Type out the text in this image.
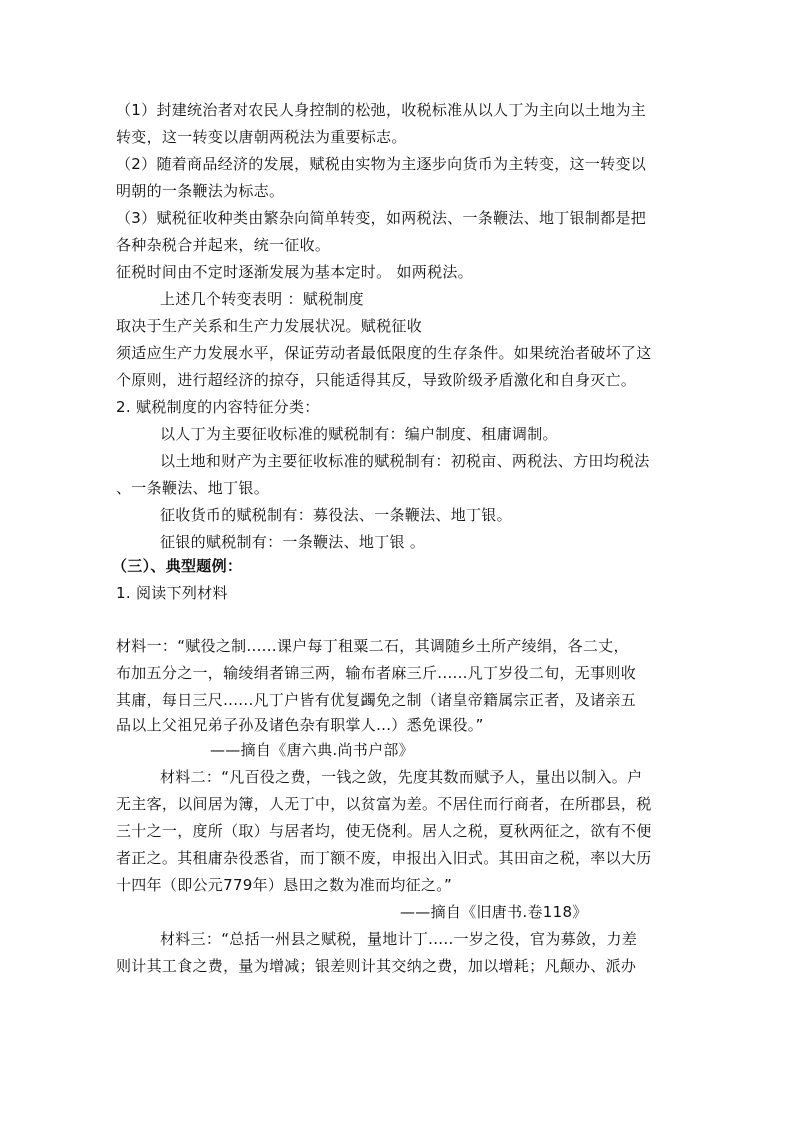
（1）封建统治者对农民人身控制的松弛，收税标准从以人丁为主向以土地为主
转变，这一转变以唐朝两税法为重要标志。
（2）随着商品经济的发展，赋税由实物为主逐步向货币为主转变，这一转变以
明朝的一条鞭法为标志。
（3）赋税征收种类由繁杂向简单转变，如两税法、一条鞭法、地丁银制都是把
各种杂税合并起来，统一征收。
征税时间由不定时逐渐发展为基本定时。 如两税法。
上述几个转变表明 ：赋税制度
取决于生产关系和生产力发展状况。赋税征收
须适应生产力发展水平，保证劳动者最低限度的生存条件。如果统治者破坏了这
个原则，进行超经济的掠夺，只能适得其反，导致阶级矛盾激化和自身灭亡。
2. 赋税制度的内容特征分类：
以人丁为主要征收标准的赋税制有：编户制度、租庸调制。
以土地和财产为主要征收标准的赋税制有：初税亩、两税法、方田均税法
、一条鞭法、地丁银。
征收货币的赋税制有：募役法、一条鞭法、地丁银。
征银的赋税制有：一条鞭法、地丁银 。
（三）、典型题例：
1. 阅读下列材料
材料一：“赋役之制......课户每丁租粟二石，其调随乡土所产绫绢，各二丈，
布加五分之一，输绫绢者锦三两，输布者麻三斤......凡丁岁役二旬，无事则收
其庸，每日三尺......凡丁户皆有优复蠲免之制（诸皇帝籍属宗正者，及诸亲五
品以上父祖兄弟子孙及诸色杂有职掌人...）悉免课役。”
——摘自《唐六典.尚书户部》
材料二：“凡百役之费，一钱之敛，先度其数而赋予人，量出以制入。户
无主客，以间居为簿，人无丁中，以贫富为差。不居住而行商者，在所郡县，税
三十之一，度所（取）与居者均，使无侥利。居人之税，夏秋两征之，欲有不便
者正之。其租庸杂役悉省，而丁额不废，申报出入旧式。其田亩之税，率以大历
十四年（即公元779年）恳田之数为准而均征之。”
——摘自《旧唐书.卷118》
材料三：“总括一州县之赋税，量地计丁.....一岁之役，官为募敛，力差
则计其工食之费，量为增减；银差则计其交纳之费，加以增耗；凡颠办、派办
